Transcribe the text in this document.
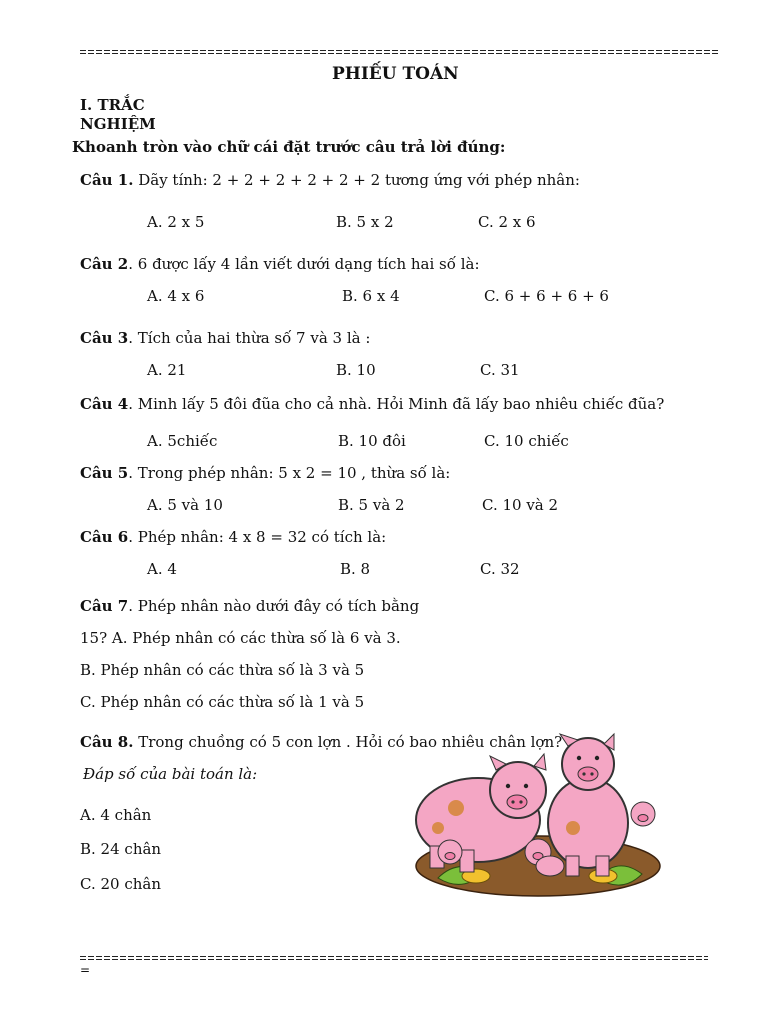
PHIẾU TOÁN
I. TRẮC
NGHIỆM
Khoanh tròn vào chữ cái đặt trước câu trả lời đúng:
Câu 1. Dãy tính: 2 + 2 + 2 + 2 + 2 + 2 tương ứng với phép nhân:
A. 2 x 5	B. 5 x 2	C. 2 x 6
Câu 2. 6 được lấy 4 lần viết dưới dạng tích hai số là:
A. 4 x 6	B. 6 x 4	C. 6 + 6 + 6 + 6
Câu 3. Tích của hai thừa số 7 và 3 là :
A. 21	B. 10	C. 31
Câu 4. Minh lấy 5 đôi đũa cho cả nhà. Hỏi Minh đã lấy bao nhiêu chiếc đũa?
A. 5chiếc	B. 10 đôi	C. 10 chiếc
Câu 5. Trong phép nhân: 5 x 2 = 10 , thừa số là:
A. 5 và 10	B. 5 và 2	C. 10 và 2
Câu 6. Phép nhân: 4 x 8 = 32 có tích là:
A. 4	B. 8	C. 32
Câu 7. Phép nhân nào dưới đây có tích bằng
15? A. Phép nhân có các thừa số là 6 và 3.
B. Phép nhân có các thừa số là 3 và 5
C. Phép nhân có các thừa số là 1 và 5
Câu 8. Trong chuồng có 5 con lợn . Hỏi có bao nhiêu chân lợn?
Đáp số của bài toán là:
A. 4 chân
B. 24 chân
C. 20 chân
=
